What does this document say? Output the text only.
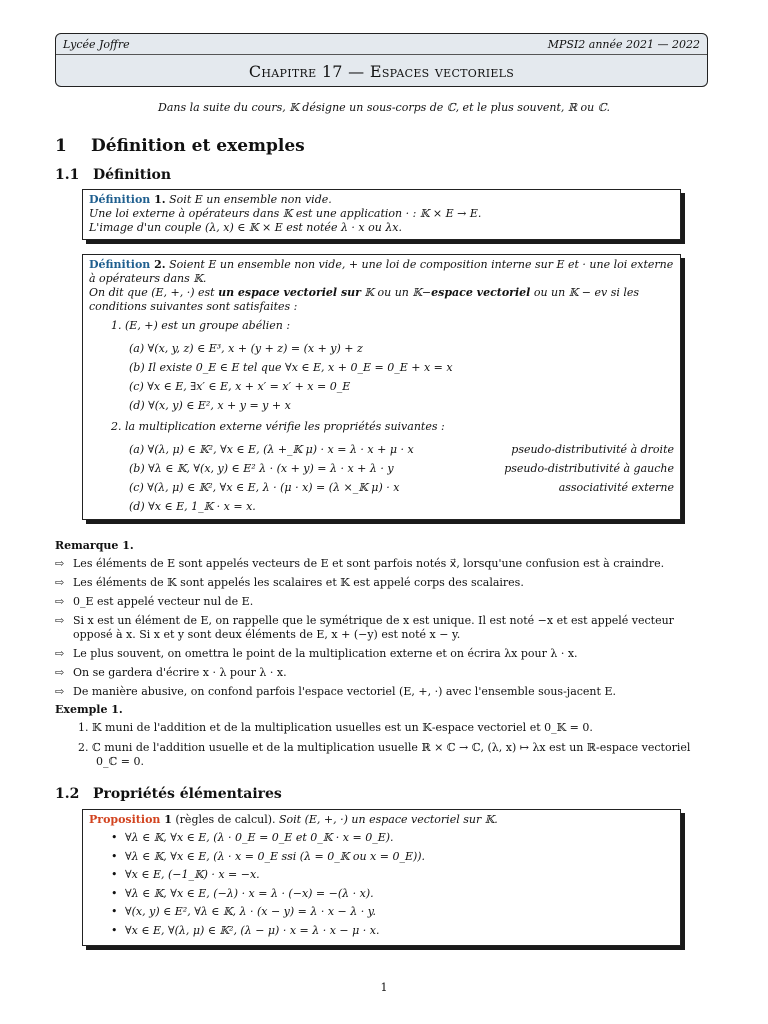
Lycée Joffre	MPSI2 année 2021 — 2022
Chapitre 17 — Espaces vectoriels
Dans la suite du cours, 𝕂 désigne un sous-corps de ℂ, et le plus souvent, ℝ ou ℂ.
1 Définition et exemples
1.1 Définition
Définition 1. Soit E un ensemble non vide.
Une loi externe à opérateurs dans 𝕂 est une application · : 𝕂 × E → E.
L'image d'un couple (λ, x) ∈ 𝕂 × E est notée λ · x ou λx.
Définition 2. Soient E un ensemble non vide, + une loi de composition interne sur E et · une loi externe
à opérateurs dans 𝕂.
On dit que (E, +, ·) est un espace vectoriel sur 𝕂 ou un 𝕂−espace vectoriel ou un 𝕂 − ev si les
conditions suivantes sont satisfaites :
1. (E, +) est un groupe abélien :
(a) ∀(x, y, z) ∈ E³, x + (y + z) = (x + y) + z
(b) Il existe 0_E ∈ E tel que ∀x ∈ E, x + 0_E = 0_E + x = x
(c) ∀x ∈ E, ∃x′ ∈ E, x + x′ = x′ + x = 0_E
(d) ∀(x, y) ∈ E², x + y = y + x
2. la multiplication externe vérifie les propriétés suivantes :
(a) ∀(λ, μ) ∈ 𝕂², ∀x ∈ E, (λ +_𝕂 μ) · x = λ · x + μ · x	pseudo-distributivité à droite
(b) ∀λ ∈ 𝕂, ∀(x, y) ∈ E² λ · (x + y) = λ · x + λ · y	pseudo-distributivité à gauche
(c) ∀(λ, μ) ∈ 𝕂², ∀x ∈ E, λ · (μ · x) = (λ ×_𝕂 μ) · x	associativité externe
(d) ∀x ∈ E, 1_𝕂 · x = x.
Remarque 1.
⇨ Les éléments de E sont appelés vecteurs de E et sont parfois notés x⃗, lorsqu'une confusion est à craindre.
⇨ Les éléments de 𝕂 sont appelés les scalaires et 𝕂 est appelé corps des scalaires.
⇨ 0_E est appelé vecteur nul de E.
⇨ Si x est un élément de E, on rappelle que le symétrique de x est unique. Il est noté −x et est appelé vecteur
opposé à x. Si x et y sont deux éléments de E, x + (−y) est noté x − y.
⇨ Le plus souvent, on omettra le point de la multiplication externe et on écrira λx pour λ · x.
⇨ On se gardera d'écrire x · λ pour λ · x.
⇨ De manière abusive, on confond parfois l'espace vectoriel (E, +, ·) avec l'ensemble sous-jacent E.
Exemple 1.
1. 𝕂 muni de l'addition et de la multiplication usuelles est un 𝕂-espace vectoriel et 0_𝕂 = 0.
2. ℂ muni de l'addition usuelle et de la multiplication usuelle ℝ × ℂ → ℂ, (λ, x) ↦ λx est un ℝ-espace vectoriel
0_ℂ = 0.
1.2 Propriétés élémentaires
Proposition 1 (règles de calcul). Soit (E, +, ·) un espace vectoriel sur 𝕂.
• ∀λ ∈ 𝕂, ∀x ∈ E, (λ · 0_E = 0_E et 0_𝕂 · x = 0_E).
• ∀λ ∈ 𝕂, ∀x ∈ E, (λ · x = 0_E ssi (λ = 0_𝕂 ou x = 0_E)).
• ∀x ∈ E, (−1_𝕂) · x = −x.
• ∀λ ∈ 𝕂, ∀x ∈ E, (−λ) · x = λ · (−x) = −(λ · x).
• ∀(x, y) ∈ E², ∀λ ∈ 𝕂, λ · (x − y) = λ · x − λ · y.
• ∀x ∈ E, ∀(λ, μ) ∈ 𝕂², (λ − μ) · x = λ · x − μ · x.
1
